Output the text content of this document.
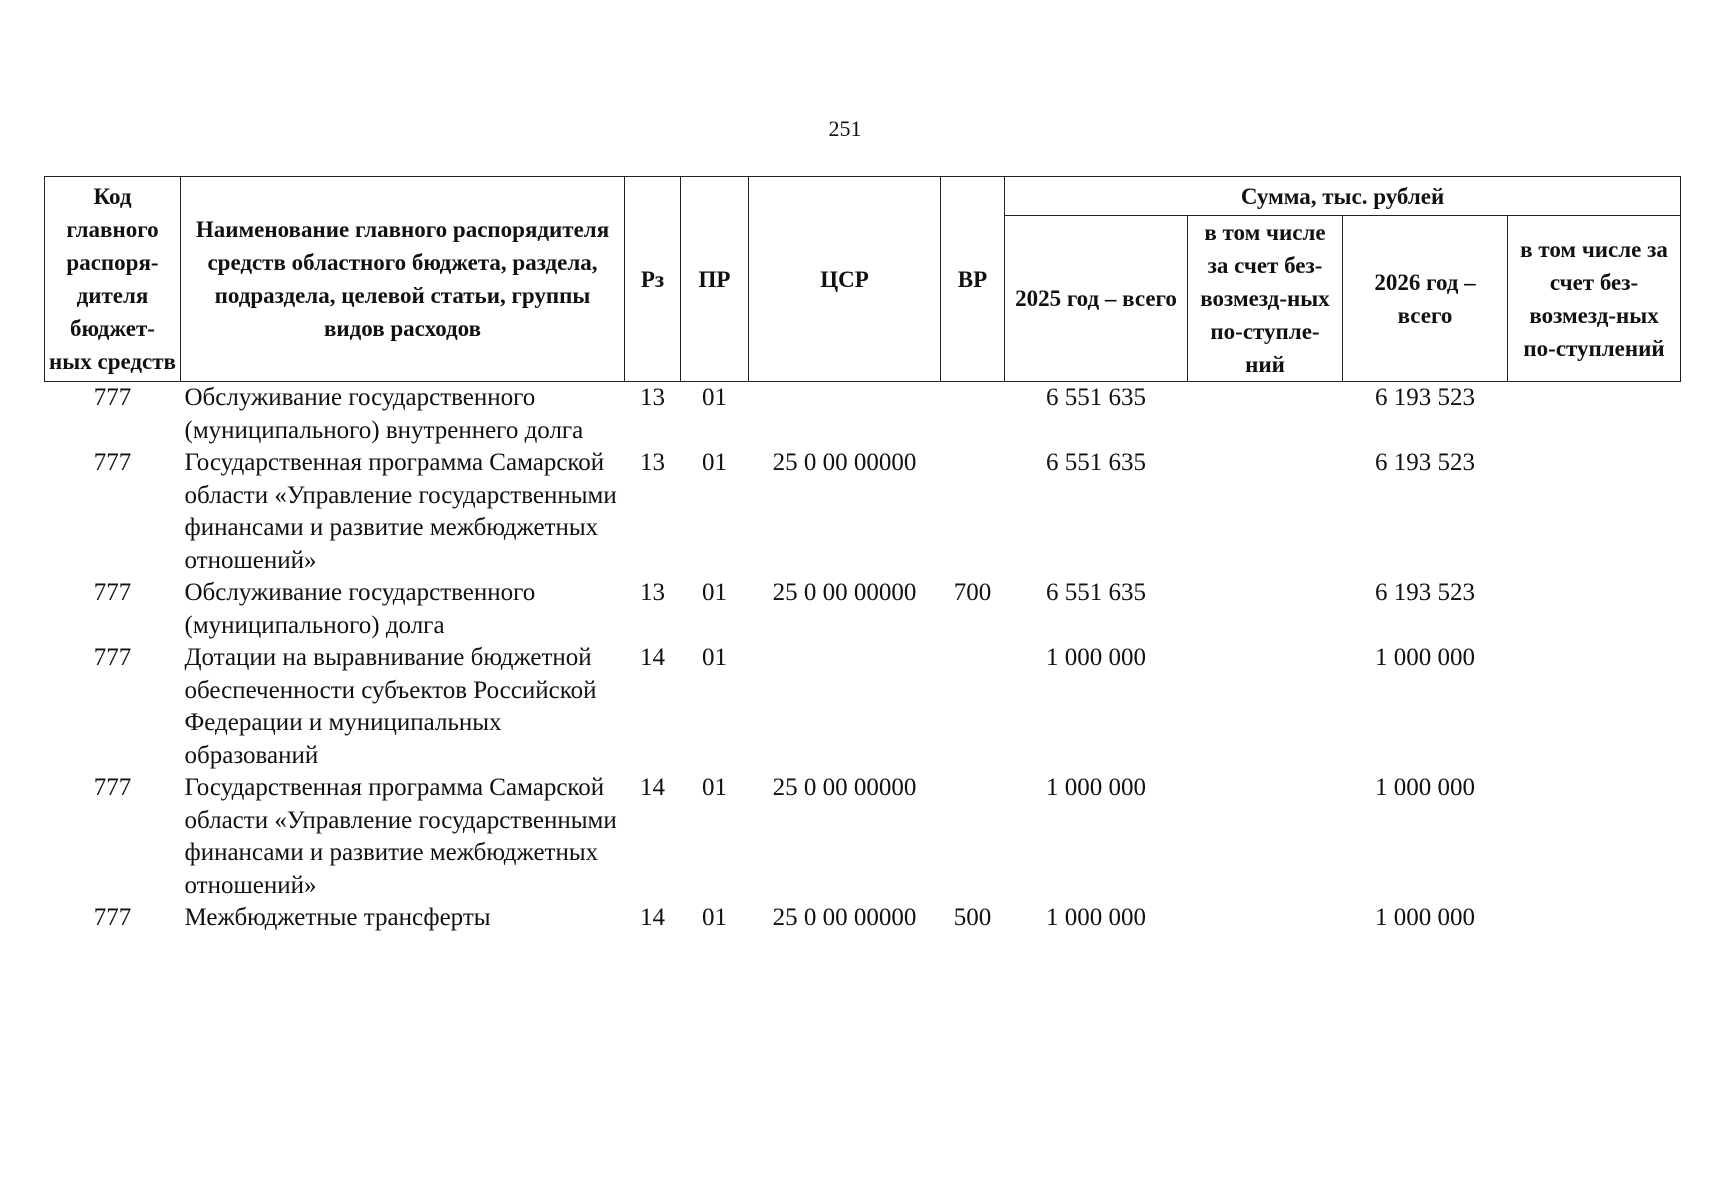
251
Код главного распоря-дителя бюджет-ных средств	Наименование главного распорядителя средств областного бюджета, раздела, подраздела, целевой статьи, группы видов расходов	Рз	ПР	ЦСР	ВР	Сумма, тыс. рублей			
						2025 год – всего	в том числе за счет без-возмезд-ных по-ступле-ний	2026 год – всего	в том числе за счет без-возмезд-ных по-ступлений
777	Обслуживание государственного (муниципального) внутреннего долга	13	01			6 551 635		6 193 523	
777	Государственная программа Самарской области «Управление государственными финансами и развитие межбюджетных отношений»	13	01	25 0 00 00000		6 551 635		6 193 523	
777	Обслуживание государственного (муниципального) долга	13	01	25 0 00 00000	700	6 551 635		6 193 523	
777	Дотации на выравнивание бюджетной обеспеченности субъектов Российской Федерации и муниципальных образований	14	01			1 000 000		1 000 000	
777	Государственная программа Самарской области «Управление государственными финансами и развитие межбюджетных отношений»	14	01	25 0 00 00000		1 000 000		1 000 000	
777	Межбюджетные трансферты	14	01	25 0 00 00000	500	1 000 000		1 000 000	
